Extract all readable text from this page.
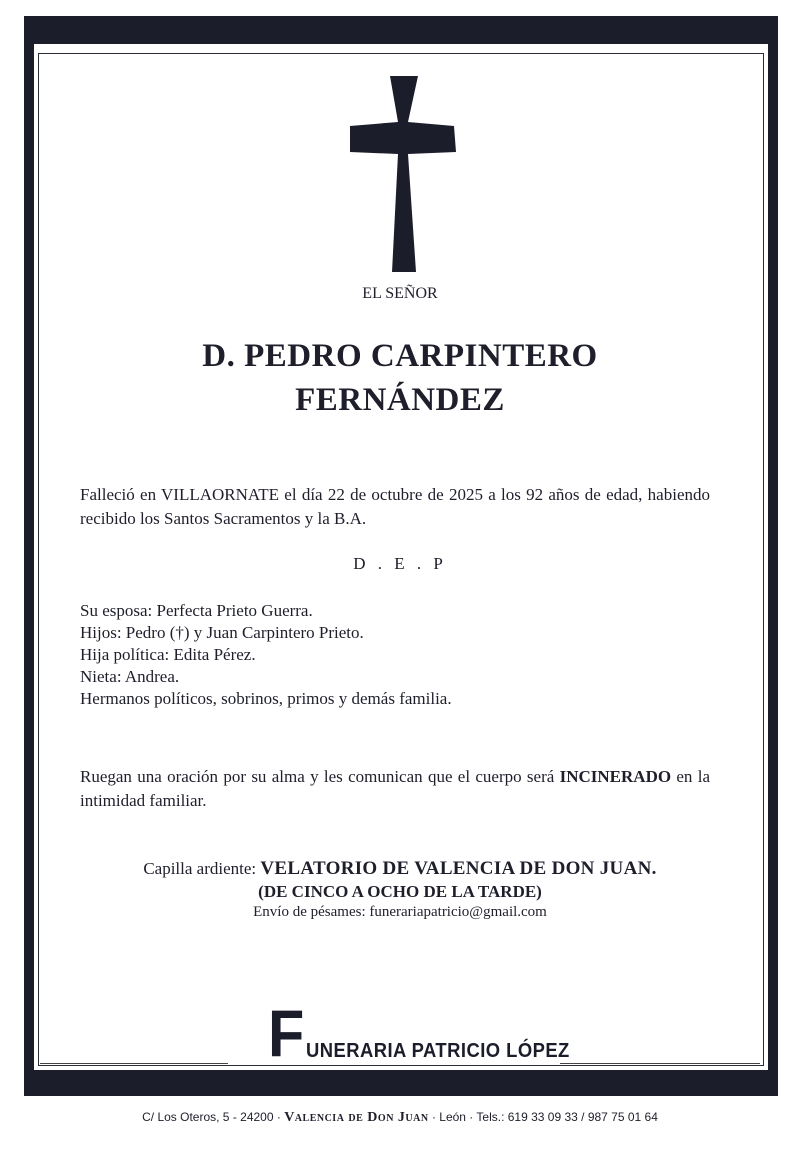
EL SEÑOR
D. PEDRO CARPINTERO
FERNÁNDEZ
Falleció en VILLAORNATE el día 22 de octubre de 2025 a los 92 años de edad, habiendo recibido los Santos Sacramentos y la B.A.
D . E . P
Su esposa: Perfecta Prieto Guerra.
Hijos: Pedro (†) y Juan Carpintero Prieto.
Hija política: Edita Pérez.
Nieta: Andrea.
Hermanos políticos, sobrinos, primos y demás familia.
Ruegan una oración por su alma y les comunican que el cuerpo será INCINERADO en la intimidad familiar.
Capilla ardiente: VELATORIO DE VALENCIA DE DON JUAN.
(DE CINCO A OCHO DE LA TARDE)
Envío de pésames: funerariapatricio@gmail.com
F UNERARIA PATRICIO LÓPEZ
C/ Los Oteros, 5 - 24200 · Valencia de Don Juan · León · Tels.: 619 33 09 33 / 987 75 01 64
